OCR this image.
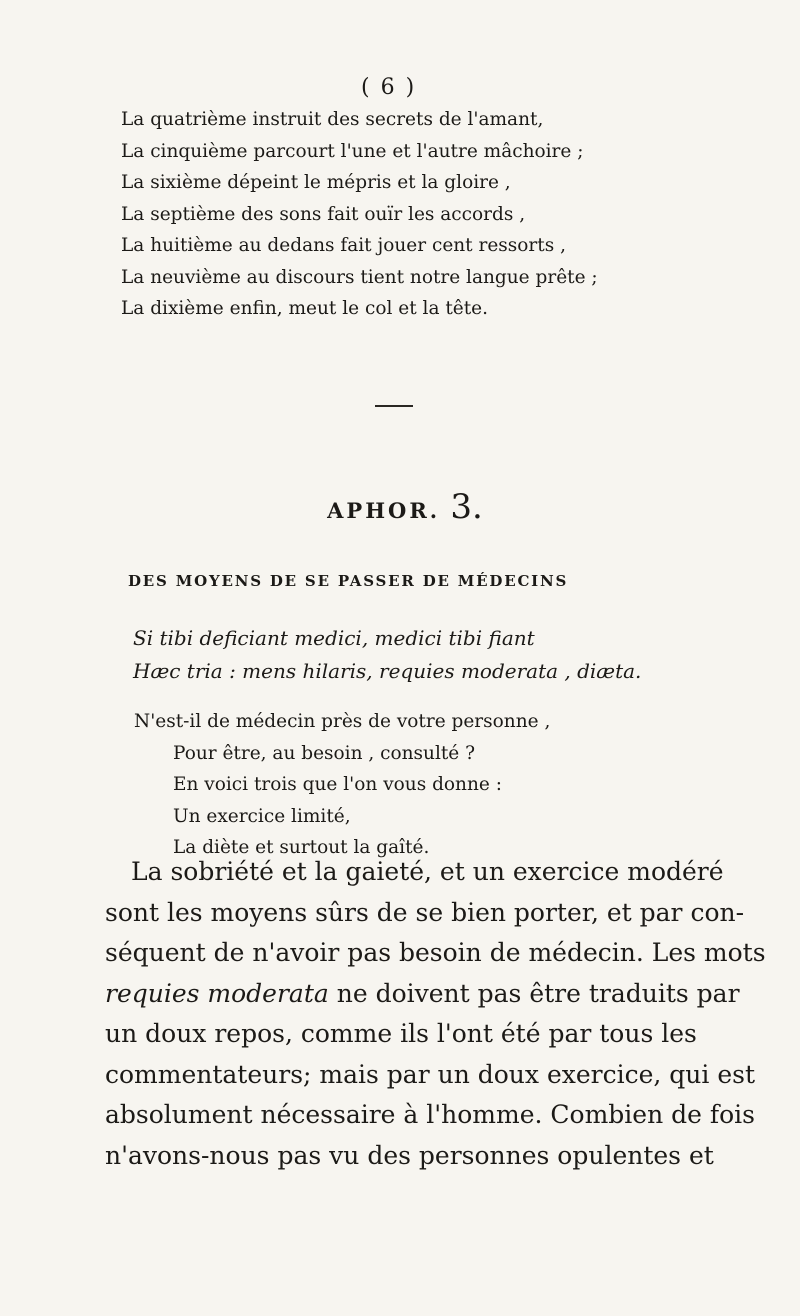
( 6 )
La quatrième instruit des secrets de l'amant,
La cinquième parcourt l'une et l'autre mâchoire ;
La sixième dépeint le mépris et la gloire ,
La septième des sons fait ouïr les accords ,
La huitième au dedans fait jouer cent ressorts ,
La neuvième au discours tient notre langue prête ;
La dixième enfin, meut le col et la tête.
APHOR. 3.
DES MOYENS DE SE PASSER DE MÉDECINS
Si tibi deficiant medici, medici tibi fiant
Hæc tria : mens hilaris, requies moderata , diæta.
N'est-il de médecin près de votre personne ,
Pour être, au besoin , consulté ?
En voici trois que l'on vous donne :
Un exercice limité,
La diète et surtout la gaîté.
La sobriété et la gaieté, et un exercice modéré
sont les moyens sûrs de se bien porter, et par con-
séquent de n'avoir pas besoin de médecin. Les mots
requies moderata ne doivent pas être traduits par
un doux repos, comme ils l'ont été par tous les
commentateurs; mais par un doux exercice, qui est
absolument nécessaire à l'homme. Combien de fois
n'avons-nous pas vu des personnes opulentes et
